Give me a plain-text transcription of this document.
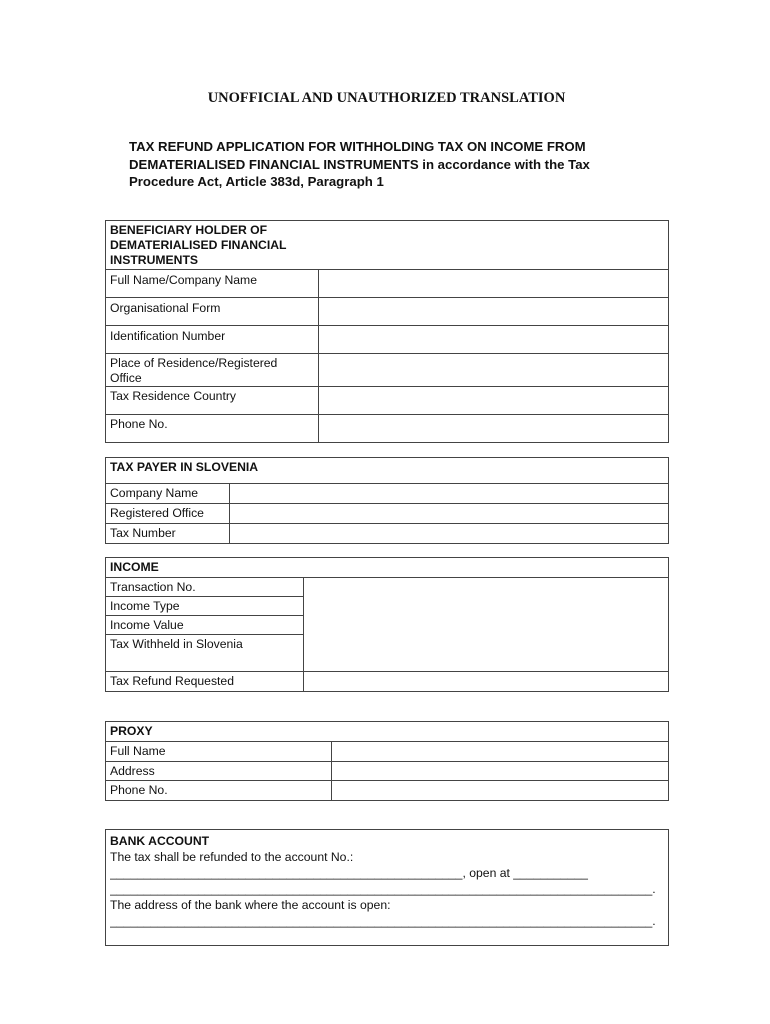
UNOFFICIAL AND UNAUTHORIZED TRANSLATION
TAX REFUND APPLICATION FOR WITHHOLDING TAX ON INCOME FROM
DEMATERIALISED FINANCIAL INSTRUMENTS in accordance with the Tax
Procedure Act, Article 383d, Paragraph 1
BENEFICIARY HOLDER OF
DEMATERIALISED FINANCIAL
INSTRUMENTS	

Full Name/Company Name	
Organisational Form	
Identification Number	

Place of Residence/Registered
Office	

Tax Residence Country	
Phone No.	
TAX PAYER IN SLOVENIA	
Company Name	
Registered Office	
Tax Number	
INCOME	
Transaction No.	
Income Type	
Income Value	
Tax Withheld in Slovenia	
Tax Refund Requested	
PROXY	
Full Name	
Address	
Phone No.	
BANK ACCOUNT
The tax shall be refunded to the account No.:
____________________________________________________, open at ___________
________________________________________________________________________________.
The address of the bank where the account is open:
________________________________________________________________________________.
